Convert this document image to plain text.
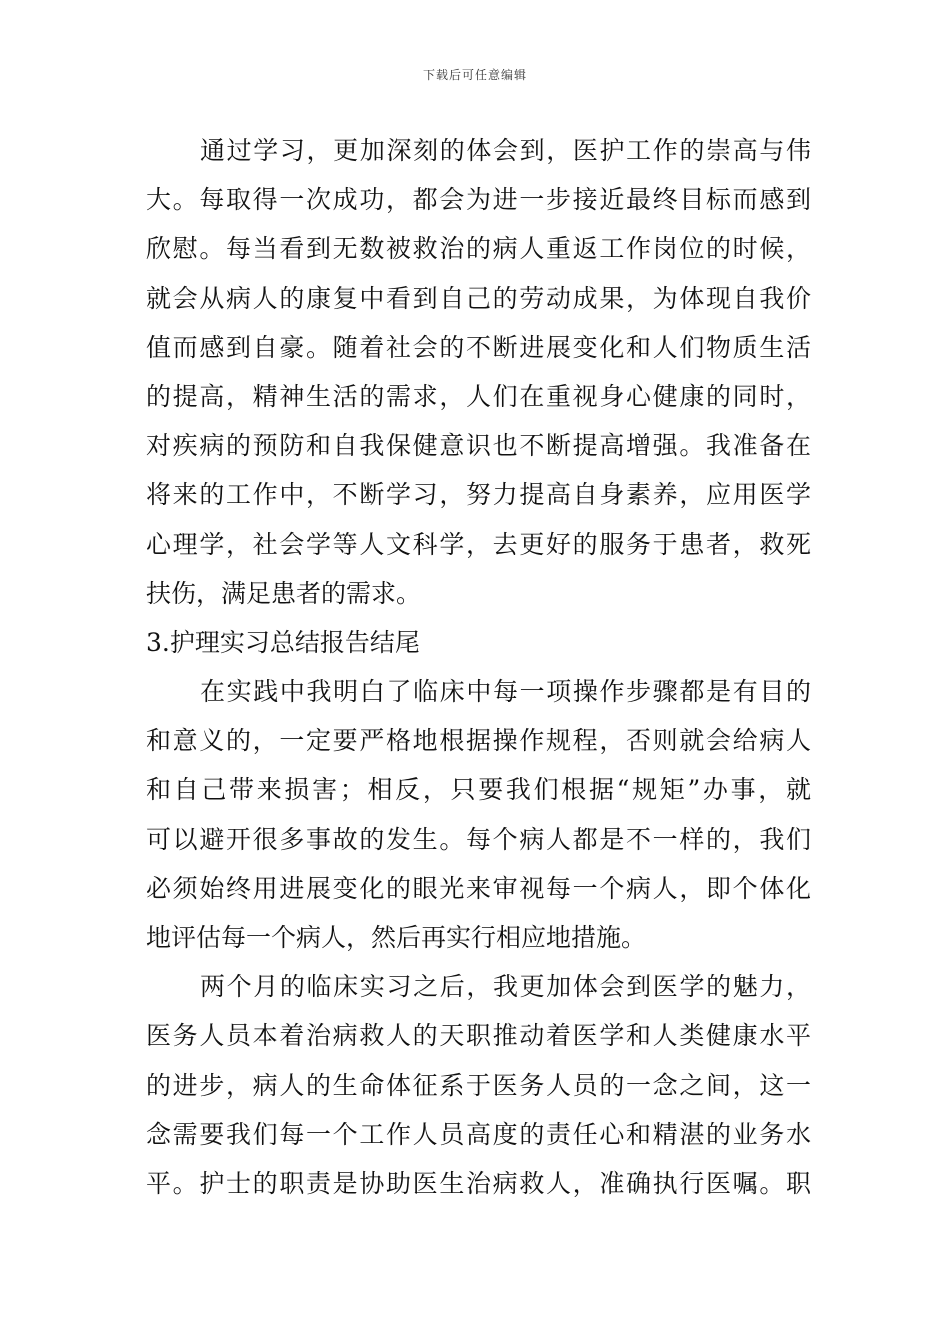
下载后可任意编辑
通过学习，更加深刻的体会到，医护工作的崇高与伟
大。每取得一次成功，都会为进一步接近最终目标而感到
欣慰。每当看到无数被救治的病人重返工作岗位的时候，
就会从病人的康复中看到自己的劳动成果，为体现自我价
值而感到自豪。随着社会的不断进展变化和人们物质生活
的提高，精神生活的需求，人们在重视身心健康的同时，
对疾病的预防和自我保健意识也不断提高增强。我准备在
将来的工作中，不断学习，努力提高自身素养，应用医学
心理学，社会学等人文科学，去更好的服务于患者，救死
扶伤，满足患者的需求。
3.护理实习总结报告结尾
在实践中我明白了临床中每一项操作步骤都是有目的
和意义的，一定要严格地根据操作规程，否则就会给病人
和自己带来损害；相反，只要我们根据“规矩”办事，就
可以避开很多事故的发生。每个病人都是不一样的，我们
必须始终用进展变化的眼光来审视每一个病人，即个体化
地评估每一个病人，然后再实行相应地措施。
两个月的临床实习之后，我更加体会到医学的魅力，
医务人员本着治病救人的天职推动着医学和人类健康水平
的进步，病人的生命体征系于医务人员的一念之间，这一
念需要我们每一个工作人员高度的责任心和精湛的业务水
平。护士的职责是协助医生治病救人，准确执行医嘱。职
